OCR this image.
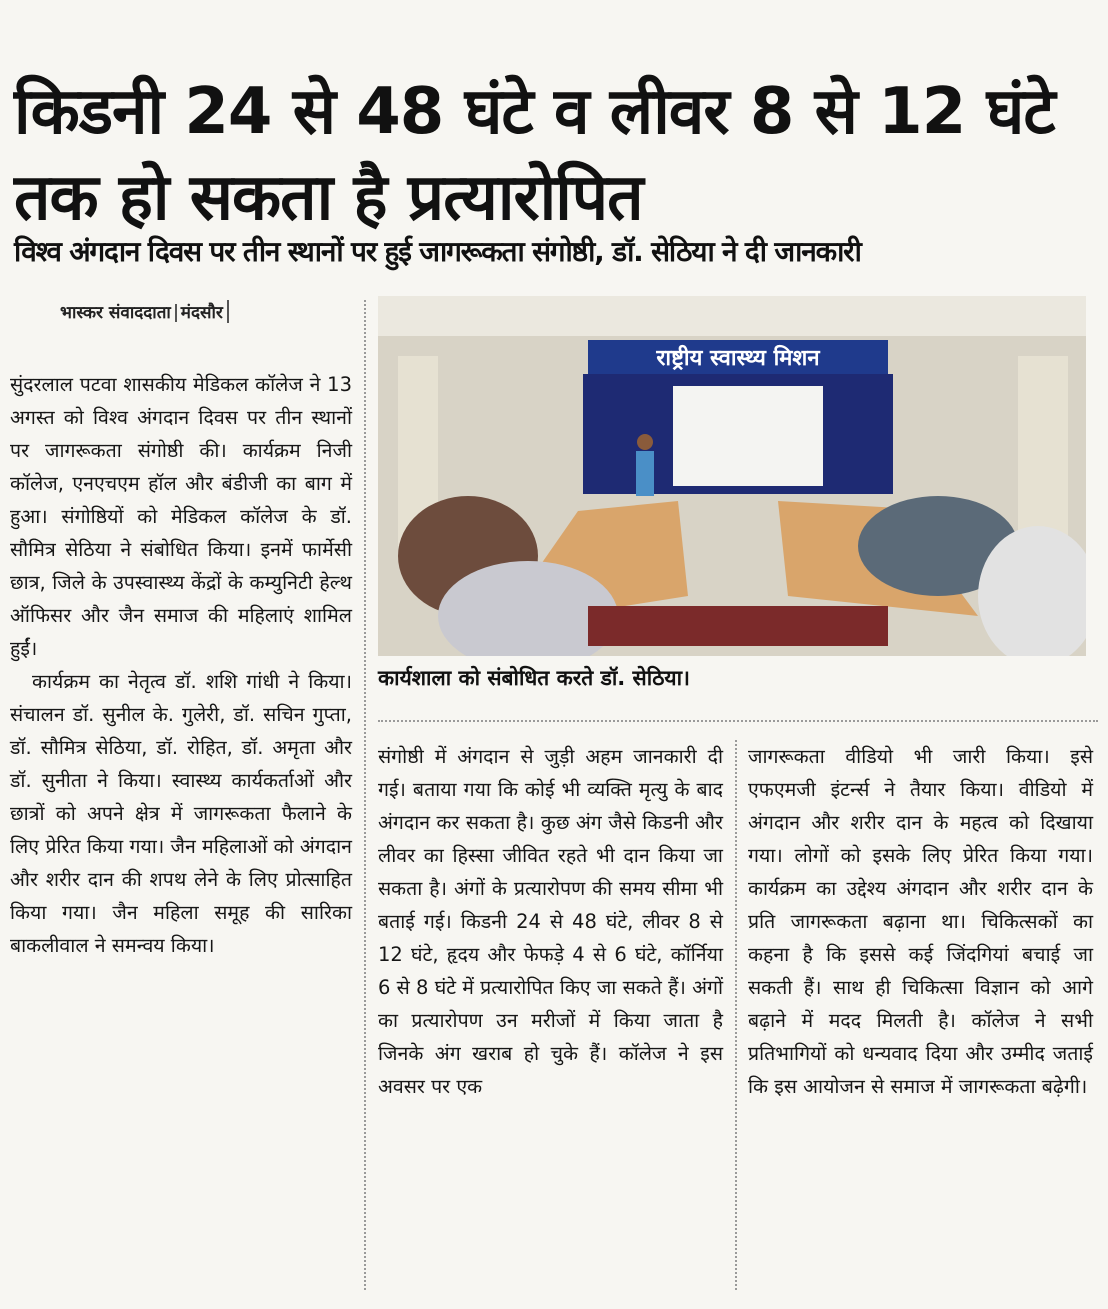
किडनी 24 से 48 घंटे व लीवर 8 से 12 घंटे तक हो सकता है प्रत्यारोपित
विश्व अंगदान दिवस पर तीन स्थानों पर हुई जागरूकता संगोष्ठी, डॉ. सेठिया ने दी जानकारी
भास्कर संवाददाता मंदसौर

सुंदरलाल पटवा शासकीय मेडिकल कॉलेज ने 13 अगस्त को विश्व अंगदान दिवस पर तीन स्थानों पर जागरूकता संगोष्ठी की। कार्यक्रम निजी कॉलेज, एनएचएम हॉल और बंडीजी का बाग में हुआ। संगोष्ठियों को मेडिकल कॉलेज के डॉ. सौमित्र सेठिया ने संबोधित किया। इनमें फार्मेसी छात्र, जिले के उपस्वास्थ्य केंद्रों के कम्युनिटी हेल्थ ऑफिसर और जैन समाज की महिलाएं शामिल हुईं।

कार्यक्रम का नेतृत्व डॉ. शशि गांधी ने किया। संचालन डॉ. सुनील के. गुलेरी, डॉ. सचिन गुप्ता, डॉ. सौमित्र सेठिया, डॉ. रोहित, डॉ. अमृता और डॉ. सुनीता ने किया। स्वास्थ्य कार्यकर्ताओं और छात्रों को अपने क्षेत्र में जागरूकता फैलाने के लिए प्रेरित किया गया। जैन महिलाओं को अंगदान और शरीर दान की शपथ लेने के लिए प्रोत्साहित किया गया। जैन महिला समूह की सारिका बाकलीवाल ने समन्वय किया।

राष्ट्रीय स्वास्थ्य मिशन
कार्यशाला को संबोधित करते डॉ. सेठिया।

संगोष्ठी में अंगदान से जुड़ी अहम जानकारी दी गई। बताया गया कि कोई भी व्यक्ति मृत्यु के बाद अंगदान कर सकता है। कुछ अंग जैसे किडनी और लीवर का हिस्सा जीवित रहते भी दान किया जा सकता है। अंगों के प्रत्यारोपण की समय सीमा भी बताई गई। किडनी 24 से 48 घंटे, लीवर 8 से 12 घंटे, हृदय और फेफड़े 4 से 6 घंटे, कॉर्निया 6 से 8 घंटे में प्रत्यारोपित किए जा सकते हैं। अंगों का प्रत्यारोपण उन मरीजों में किया जाता है जिनके अंग खराब हो चुके हैं। कॉलेज ने इस अवसर पर एक

जागरूकता वीडियो भी जारी किया। इसे एफएमजी इंटर्न्स ने तैयार किया। वीडियो में अंगदान और शरीर दान के महत्व को दिखाया गया। लोगों को इसके लिए प्रेरित किया गया। कार्यक्रम का उद्देश्य अंगदान और शरीर दान के प्रति जागरूकता बढ़ाना था। चिकित्सकों का कहना है कि इससे कई जिंदगियां बचाई जा सकती हैं। साथ ही चिकित्सा विज्ञान को आगे बढ़ाने में मदद मिलती है। कॉलेज ने सभी प्रतिभागियों को धन्यवाद दिया और उम्मीद जताई कि इस आयोजन से समाज में जागरूकता बढ़ेगी।
